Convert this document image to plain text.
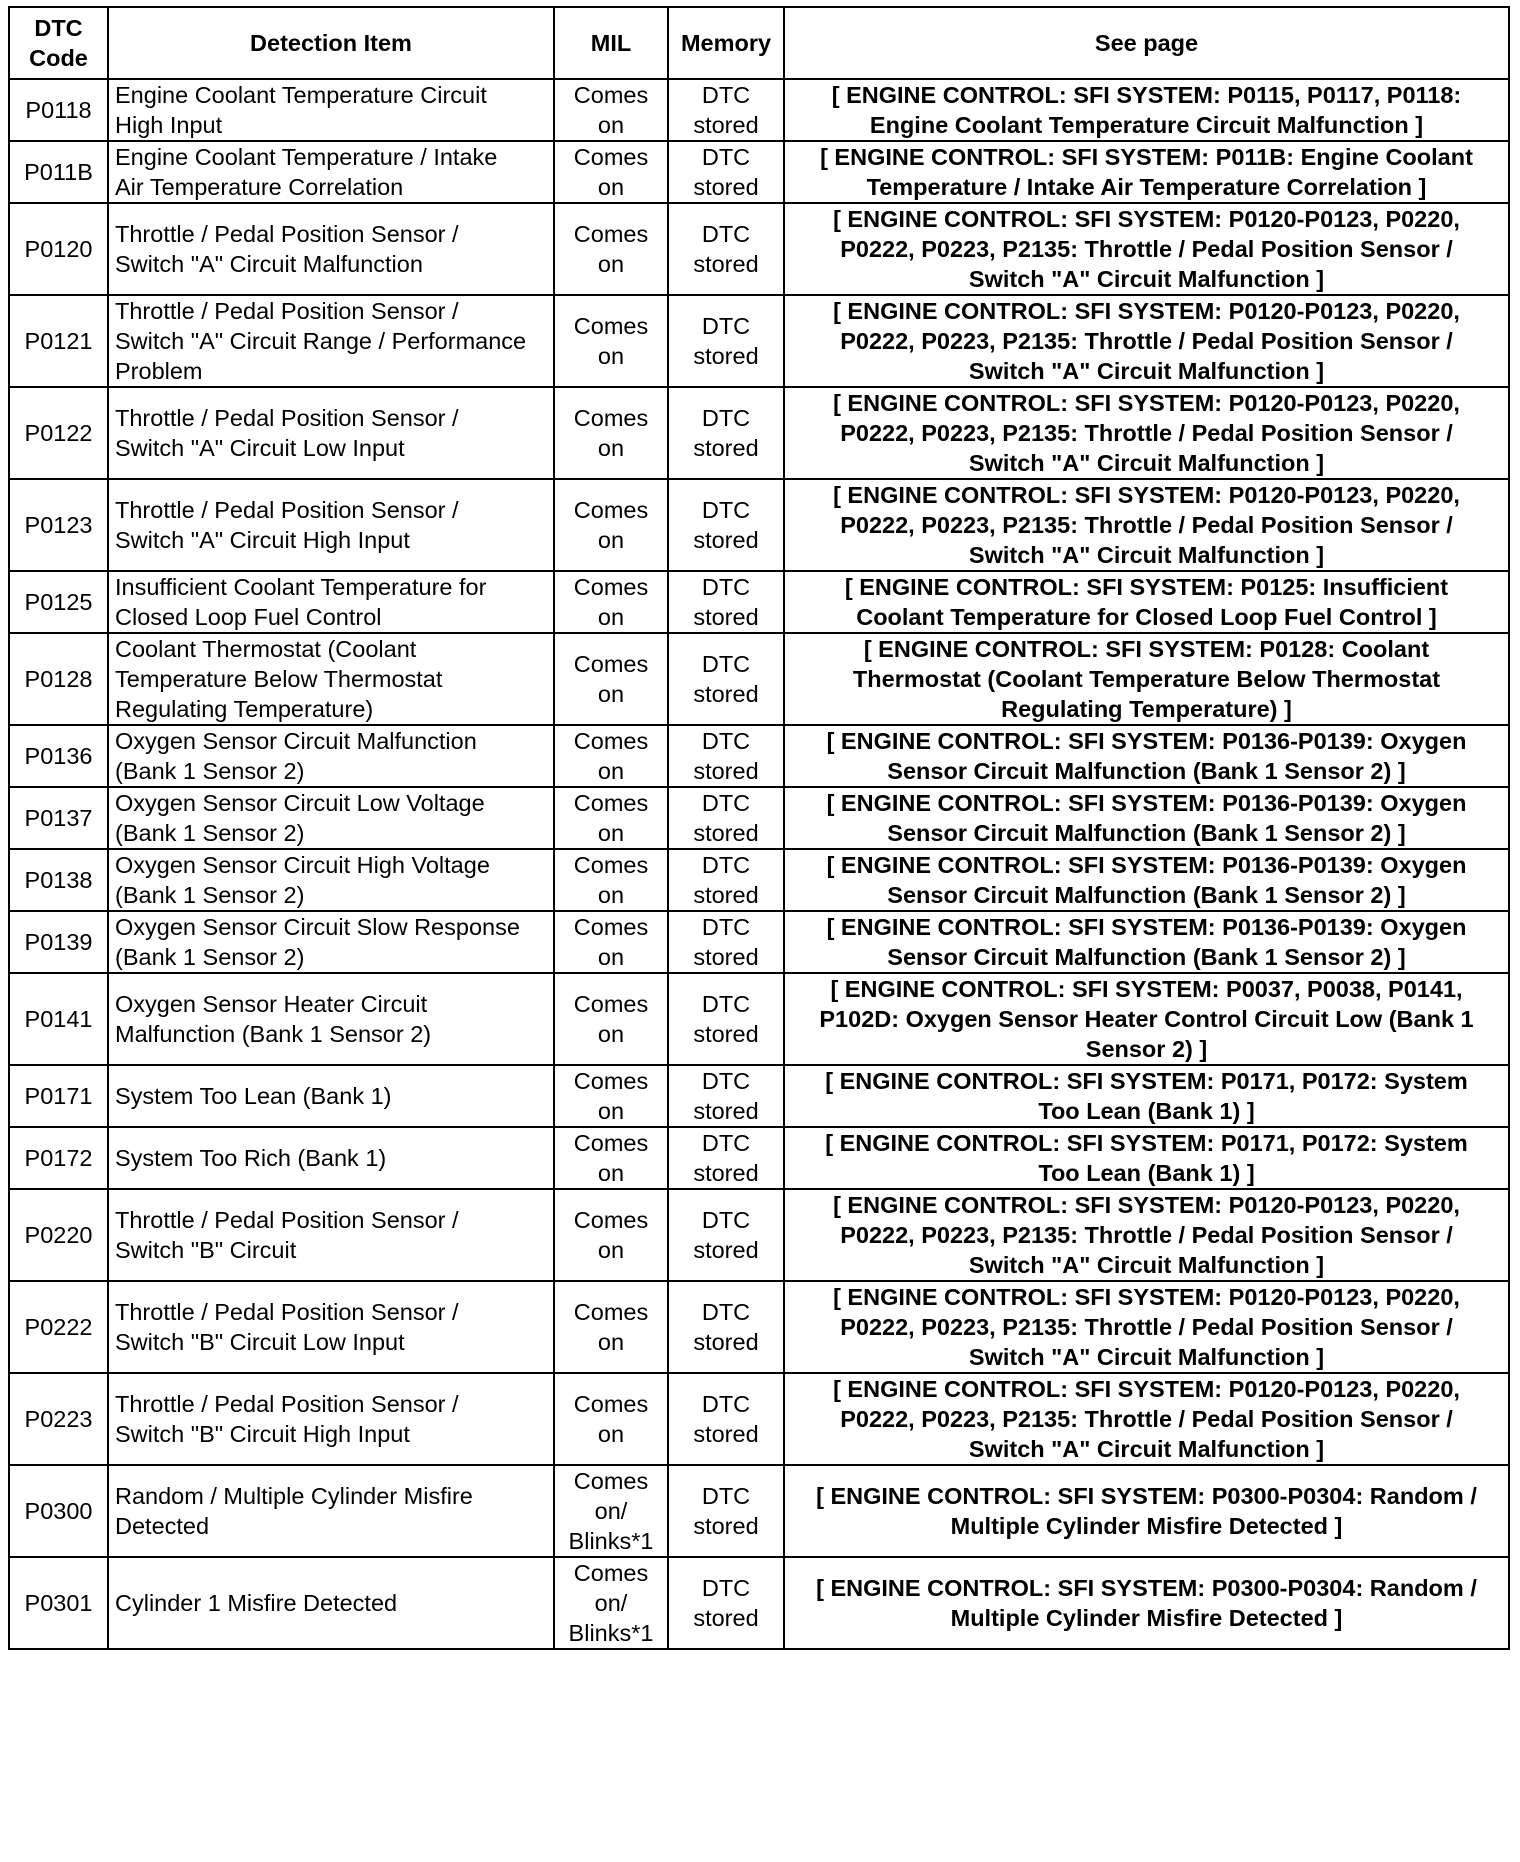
DTC Code	Detection Item	MIL	Memory	See page

P0118	Engine Coolant Temperature Circuit
High Input	Comes
on	DTC
stored	[ ENGINE CONTROL: SFI SYSTEM: P0115, P0117, P0118:
Engine Coolant Temperature Circuit Malfunction ]

P011B	Engine Coolant Temperature / Intake
Air Temperature Correlation	Comes
on	DTC
stored	[ ENGINE CONTROL: SFI SYSTEM: P011B: Engine Coolant
Temperature / Intake Air Temperature Correlation ]

P0120	Throttle / Pedal Position Sensor /
Switch "A" Circuit Malfunction	Comes
on	DTC
stored	[ ENGINE CONTROL: SFI SYSTEM: P0120-P0123, P0220,
P0222, P0223, P2135: Throttle / Pedal Position Sensor /
Switch "A" Circuit Malfunction ]

P0121	Throttle / Pedal Position Sensor /
Switch "A" Circuit Range / Performance
Problem	Comes
on	DTC
stored	[ ENGINE CONTROL: SFI SYSTEM: P0120-P0123, P0220,
P0222, P0223, P2135: Throttle / Pedal Position Sensor /
Switch "A" Circuit Malfunction ]

P0122	Throttle / Pedal Position Sensor /
Switch "A" Circuit Low Input	Comes
on	DTC
stored	[ ENGINE CONTROL: SFI SYSTEM: P0120-P0123, P0220,
P0222, P0223, P2135: Throttle / Pedal Position Sensor /
Switch "A" Circuit Malfunction ]

P0123	Throttle / Pedal Position Sensor /
Switch "A" Circuit High Input	Comes
on	DTC
stored	[ ENGINE CONTROL: SFI SYSTEM: P0120-P0123, P0220,
P0222, P0223, P2135: Throttle / Pedal Position Sensor /
Switch "A" Circuit Malfunction ]

P0125	Insufficient Coolant Temperature for
Closed Loop Fuel Control	Comes
on	DTC
stored	[ ENGINE CONTROL: SFI SYSTEM: P0125: Insufficient
Coolant Temperature for Closed Loop Fuel Control ]

P0128	Coolant Thermostat (Coolant
Temperature Below Thermostat
Regulating Temperature)	Comes
on	DTC
stored	[ ENGINE CONTROL: SFI SYSTEM: P0128: Coolant
Thermostat (Coolant Temperature Below Thermostat
Regulating Temperature) ]

P0136	Oxygen Sensor Circuit Malfunction
(Bank 1 Sensor 2)	Comes
on	DTC
stored	[ ENGINE CONTROL: SFI SYSTEM: P0136-P0139: Oxygen
Sensor Circuit Malfunction (Bank 1 Sensor 2) ]

P0137	Oxygen Sensor Circuit Low Voltage
(Bank 1 Sensor 2)	Comes
on	DTC
stored	[ ENGINE CONTROL: SFI SYSTEM: P0136-P0139: Oxygen
Sensor Circuit Malfunction (Bank 1 Sensor 2) ]

P0138	Oxygen Sensor Circuit High Voltage
(Bank 1 Sensor 2)	Comes
on	DTC
stored	[ ENGINE CONTROL: SFI SYSTEM: P0136-P0139: Oxygen
Sensor Circuit Malfunction (Bank 1 Sensor 2) ]

P0139	Oxygen Sensor Circuit Slow Response
(Bank 1 Sensor 2)	Comes
on	DTC
stored	[ ENGINE CONTROL: SFI SYSTEM: P0136-P0139: Oxygen
Sensor Circuit Malfunction (Bank 1 Sensor 2) ]

P0141	Oxygen Sensor Heater Circuit
Malfunction (Bank 1 Sensor 2)	Comes
on	DTC
stored	[ ENGINE CONTROL: SFI SYSTEM: P0037, P0038, P0141,
P102D: Oxygen Sensor Heater Control Circuit Low (Bank 1
Sensor 2) ]

P0171	System Too Lean (Bank 1)	Comes
on	DTC
stored	[ ENGINE CONTROL: SFI SYSTEM: P0171, P0172: System
Too Lean (Bank 1) ]

P0172	System Too Rich (Bank 1)	Comes
on	DTC
stored	[ ENGINE CONTROL: SFI SYSTEM: P0171, P0172: System
Too Lean (Bank 1) ]

P0220	Throttle / Pedal Position Sensor /
Switch "B" Circuit	Comes
on	DTC
stored	[ ENGINE CONTROL: SFI SYSTEM: P0120-P0123, P0220,
P0222, P0223, P2135: Throttle / Pedal Position Sensor /
Switch "A" Circuit Malfunction ]

P0222	Throttle / Pedal Position Sensor /
Switch "B" Circuit Low Input	Comes
on	DTC
stored	[ ENGINE CONTROL: SFI SYSTEM: P0120-P0123, P0220,
P0222, P0223, P2135: Throttle / Pedal Position Sensor /
Switch "A" Circuit Malfunction ]

P0223	Throttle / Pedal Position Sensor /
Switch "B" Circuit High Input	Comes
on	DTC
stored	[ ENGINE CONTROL: SFI SYSTEM: P0120-P0123, P0220,
P0222, P0223, P2135: Throttle / Pedal Position Sensor /
Switch "A" Circuit Malfunction ]

P0300	Random / Multiple Cylinder Misfire
Detected	Comes
on/
Blinks*1	DTC
stored	[ ENGINE CONTROL: SFI SYSTEM: P0300-P0304: Random /
Multiple Cylinder Misfire Detected ]

P0301	Cylinder 1 Misfire Detected	Comes
on/
Blinks*1	DTC
stored	[ ENGINE CONTROL: SFI SYSTEM: P0300-P0304: Random /
Multiple Cylinder Misfire Detected ]
